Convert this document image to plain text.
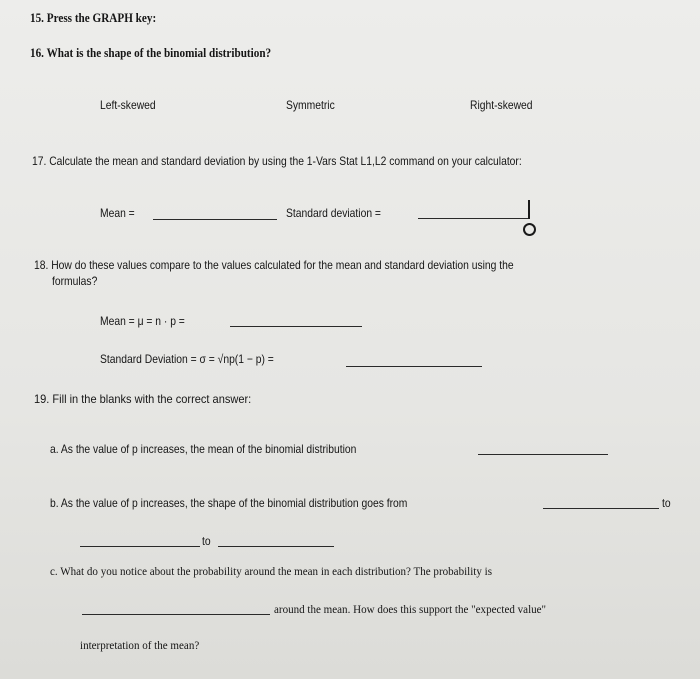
15. Press the GRAPH key:
16. What is the shape of the binomial distribution?
Left-skewed	Symmetric	Right-skewed
17. Calculate the mean and standard deviation by using the 1-Vars Stat L1,L2 command on your calculator:
Mean =	Standard deviation =
18. How do these values compare to the values calculated for the mean and standard deviation using the
formulas?
Mean = μ = n · p =
Standard Deviation = σ = √np(1 − p) =
19. Fill in the blanks with the correct answer:
a. As the value of p increases, the mean of the binomial distribution
b. As the value of p increases, the shape of the binomial distribution goes from	to
to
c. What do you notice about the probability around the mean in each distribution? The probability is
around the mean. How does this support the "expected value"
interpretation of the mean?
